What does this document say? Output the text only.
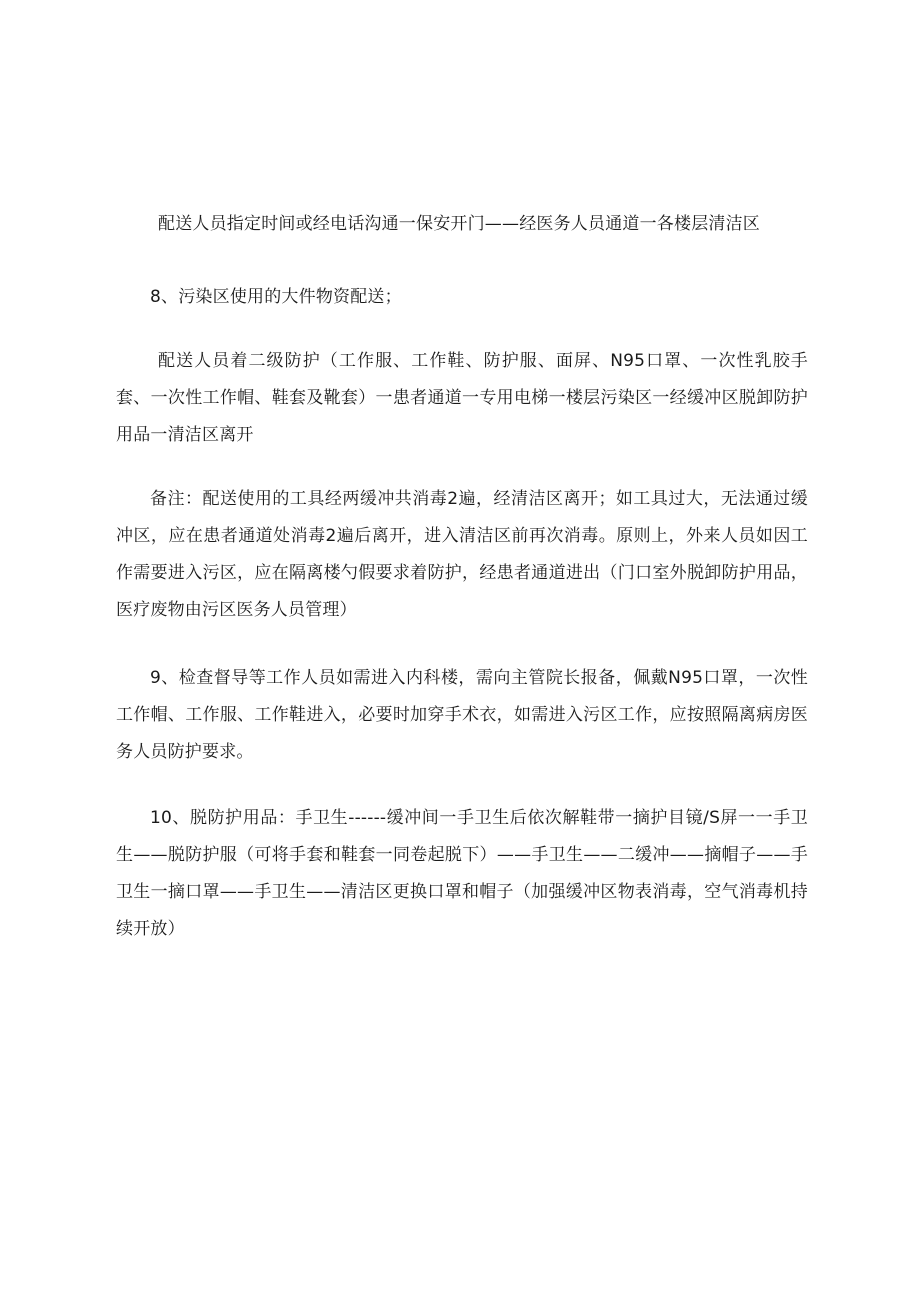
配送人员指定时间或经电话沟通一保安开门——经医务人员通道一各楼层清洁区

8、污染区使用的大件物资配送；

配送人员着二级防护（工作服、工作鞋、防护服、面屏、N95口罩、一次性乳胶手套、一次性工作帽、鞋套及靴套）一患者通道一专用电梯一楼层污染区一经缓冲区脱卸防护用品一清洁区离开

备注：配送使用的工具经两缓冲共消毒2遍，经清洁区离开；如工具过大，无法通过缓冲区，应在患者通道处消毒2遍后离开，进入清洁区前再次消毒。原则上，外来人员如因工作需要进入污区，应在隔离楼勺假要求着防护，经患者通道进出（门口室外脱卸防护用品，医疗废物由污区医务人员管理）

9、检查督导等工作人员如需进入内科楼，需向主管院长报备，佩戴N95口罩，一次性工作帽、工作服、工作鞋进入，必要时加穿手术衣，如需进入污区工作，应按照隔离病房医务人员防护要求。

10、脱防护用品：手卫生------缓冲间一手卫生后依次解鞋带一摘护目镜/S屏一一手卫生——脱防护服（可将手套和鞋套一同卷起脱下）——手卫生——二缓冲——摘帽子——手卫生一摘口罩——手卫生——清洁区更换口罩和帽子（加强缓冲区物表消毒，空气消毒机持续开放）
